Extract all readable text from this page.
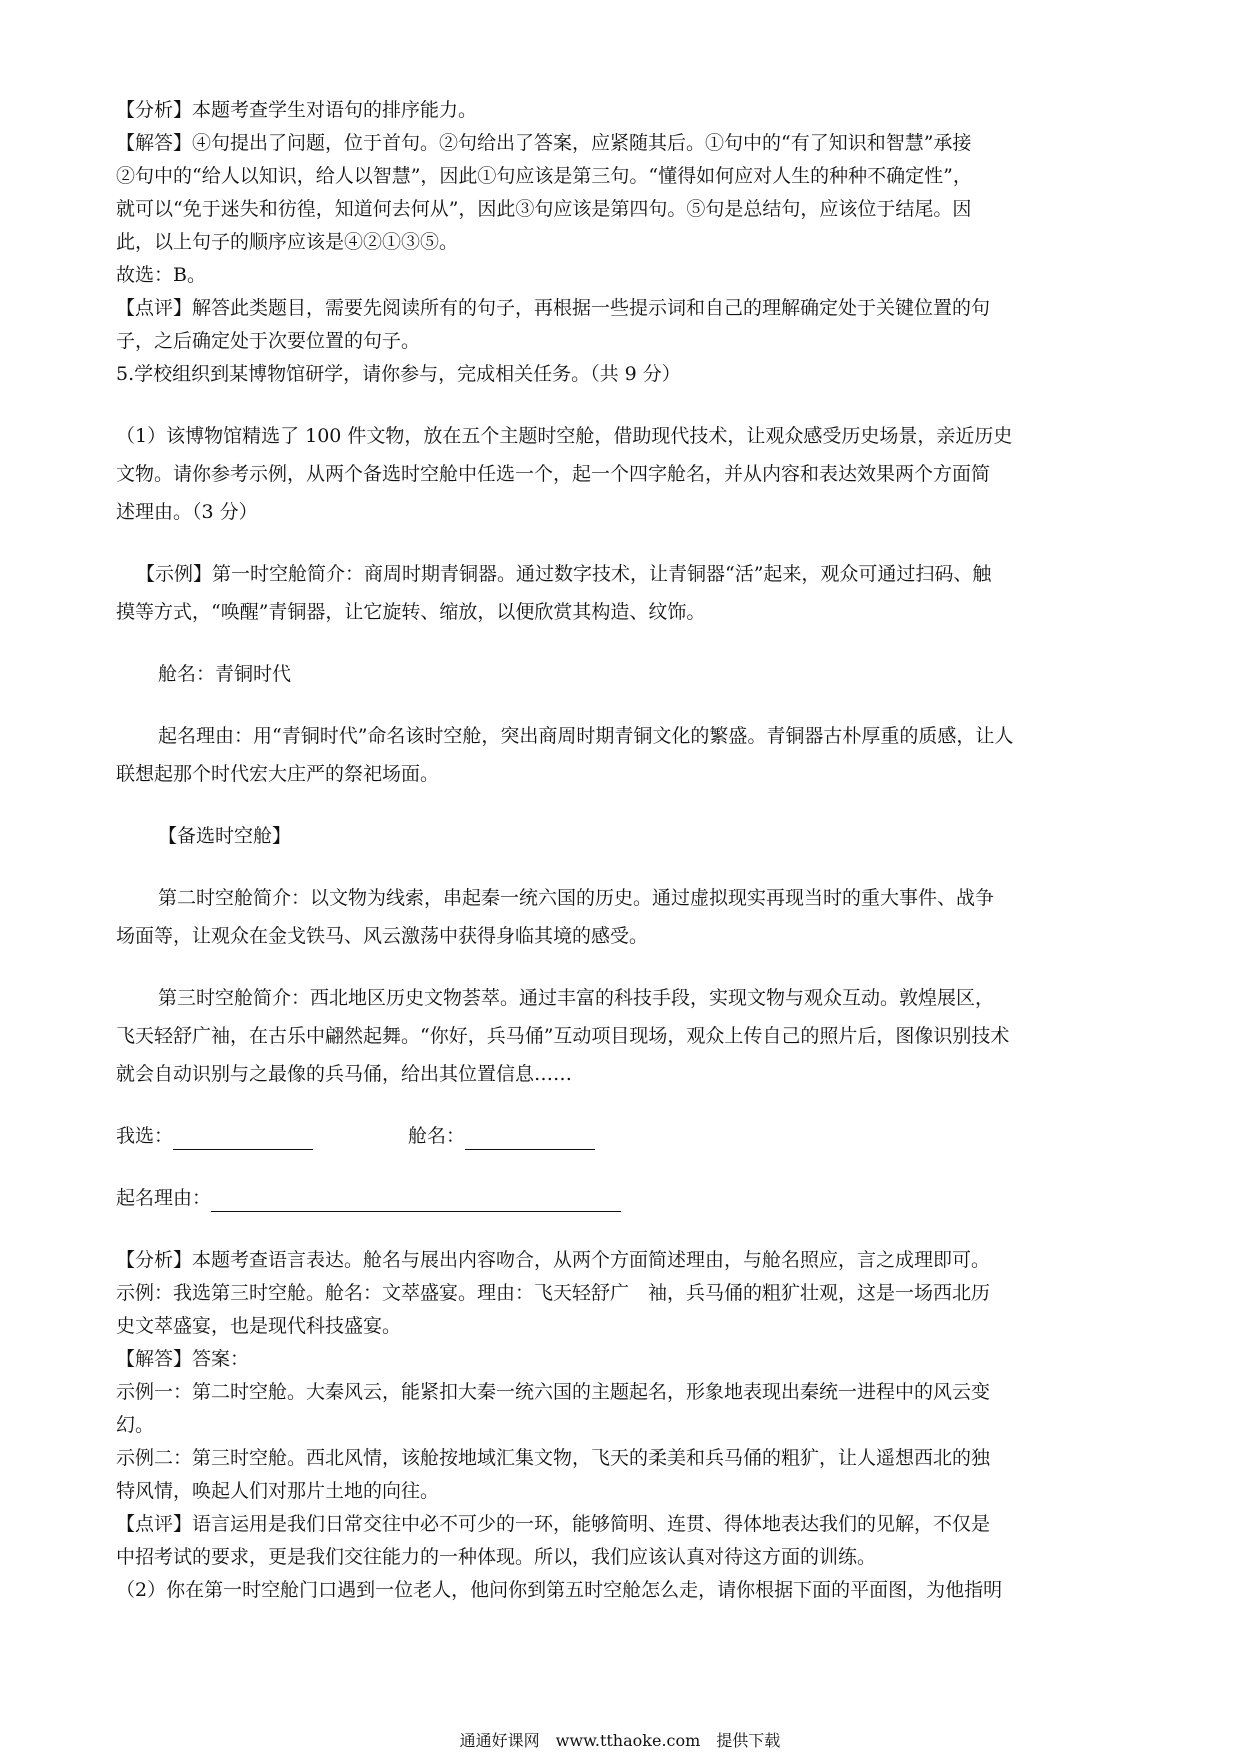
【分析】本题考查学生对语句的排序能力。
【解答】④句提出了问题，位于首句。②句给出了答案，应紧随其后。①句中的“有了知识和智慧”承接
②句中的“给人以知识，给人以智慧”，因此①句应该是第三句。“懂得如何应对人生的种种不确定性”，
就可以“免于迷失和彷徨，知道何去何从”，因此③句应该是第四句。⑤句是总结句，应该位于结尾。因
此，以上句子的顺序应该是④②①③⑤。
故选：B。
【点评】解答此类题目，需要先阅读所有的句子，再根据一些提示词和自己的理解确定处于关键位置的句
子，之后确定处于次要位置的句子。
5.学校组织到某博物馆研学，请你参与，完成相关任务。（共 9 分）
（1）该博物馆精选了 100 件文物，放在五个主题时空舱，借助现代技术，让观众感受历史场景，亲近历史
文物。请你参考示例，从两个备选时空舱中任选一个，起一个四字舱名，并从内容和表达效果两个方面简
述理由。（3 分）
【示例】第一时空舱简介：商周时期青铜器。通过数字技术，让青铜器“活”起来，观众可通过扫码、触
摸等方式，“唤醒”青铜器，让它旋转、缩放，以便欣赏其构造、纹饰。
舱名：青铜时代
起名理由：用“青铜时代”命名该时空舱，突出商周时期青铜文化的繁盛。青铜器古朴厚重的质感，让人
联想起那个时代宏大庄严的祭祀场面。
【备选时空舱】
第二时空舱简介：以文物为线索，串起秦一统六国的历史。通过虚拟现实再现当时的重大事件、战争
场面等，让观众在金戈铁马、风云激荡中获得身临其境的感受。
第三时空舱简介：西北地区历史文物荟萃。通过丰富的科技手段，实现文物与观众互动。敦煌展区，
飞天轻舒广袖，在古乐中翩然起舞。“你好，兵马俑”互动项目现场，观众上传自己的照片后，图像识别技术
就会自动识别与之最像的兵马俑，给出其位置信息……
我选：	舱名：
起名理由：
【分析】本题考查语言表达。舱名与展出内容吻合，从两个方面简述理由，与舱名照应，言之成理即可。
示例：我选第三时空舱。舱名：文萃盛宴。理由：飞天轻舒广　袖，兵马俑的粗犷壮观，这是一场西北历
史文萃盛宴，也是现代科技盛宴。
【解答】答案：
示例一：第二时空舱。大秦风云，能紧扣大秦一统六国的主题起名，形象地表现出秦统一进程中的风云变
幻。
示例二：第三时空舱。西北风情，该舱按地域汇集文物，飞天的柔美和兵马俑的粗犷，让人遥想西北的独
特风情，唤起人们对那片土地的向往。
【点评】语言运用是我们日常交往中必不可少的一环，能够简明、连贯、得体地表达我们的见解，不仅是
中招考试的要求，更是我们交往能力的一种体现。所以，我们应该认真对待这方面的训练。
（2）你在第一时空舱门口遇到一位老人，他问你到第五时空舱怎么走，请你根据下面的平面图，为他指明
通通好课网　www.tthaoke.com　提供下载
